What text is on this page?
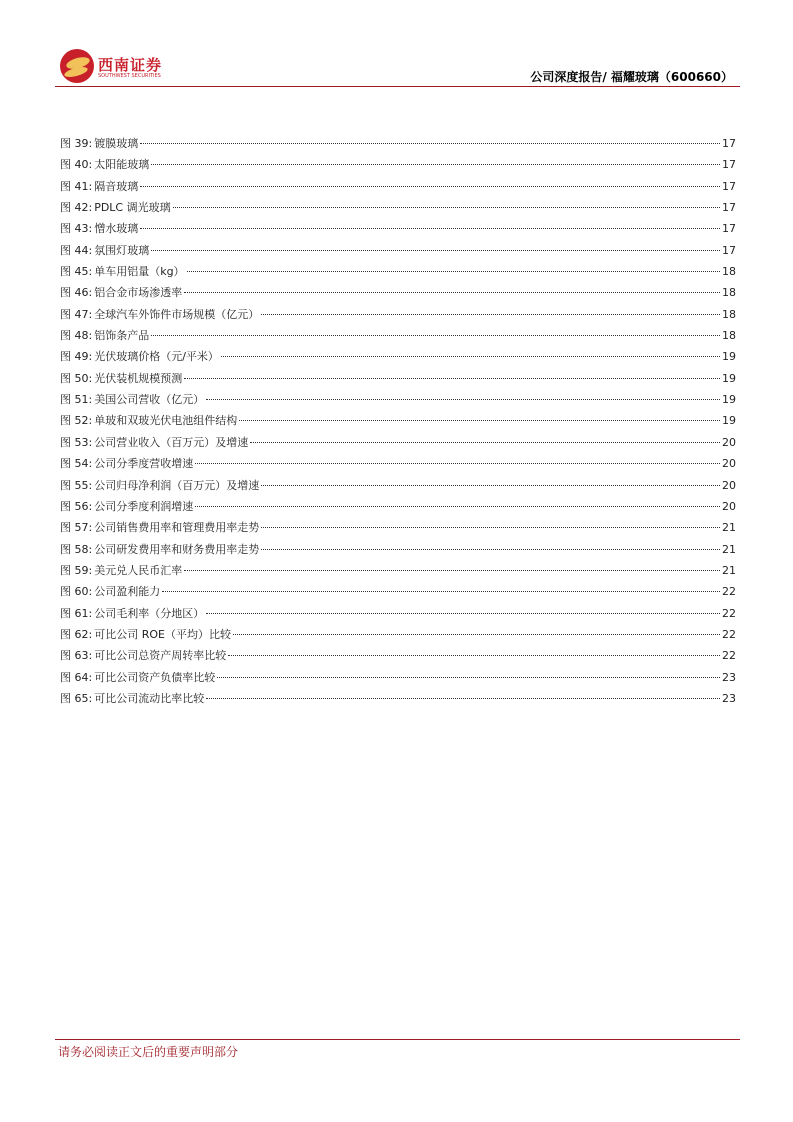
西南证券
SOUTHWEST SECURITIES	公司深度报告/ 福耀玻璃（600660）
图 39: 镀膜玻璃	17
图 40: 太阳能玻璃	17
图 41: 隔音玻璃	17
图 42: PDLC 调光玻璃	17
图 43: 憎水玻璃	17
图 44: 氛围灯玻璃	17
图 45: 单车用铝量（kg）	18
图 46: 铝合金市场渗透率	18
图 47: 全球汽车外饰件市场规模（亿元）	18
图 48: 铝饰条产品	18
图 49: 光伏玻璃价格（元/平米）	19
图 50: 光伏装机规模预测	19
图 51: 美国公司营收（亿元）	19
图 52: 单玻和双玻光伏电池组件结构	19
图 53: 公司营业收入（百万元）及增速	20
图 54: 公司分季度营收增速	20
图 55: 公司归母净利润（百万元）及增速	20
图 56: 公司分季度利润增速	20
图 57: 公司销售费用率和管理费用率走势	21
图 58: 公司研发费用率和财务费用率走势	21
图 59: 美元兑人民币汇率	21
图 60: 公司盈利能力	22
图 61: 公司毛利率（分地区）	22
图 62: 可比公司 ROE（平均）比较	22
图 63: 可比公司总资产周转率比较	22
图 64: 可比公司资产负债率比较	23
图 65: 可比公司流动比率比较	23
请务必阅读正文后的重要声明部分
